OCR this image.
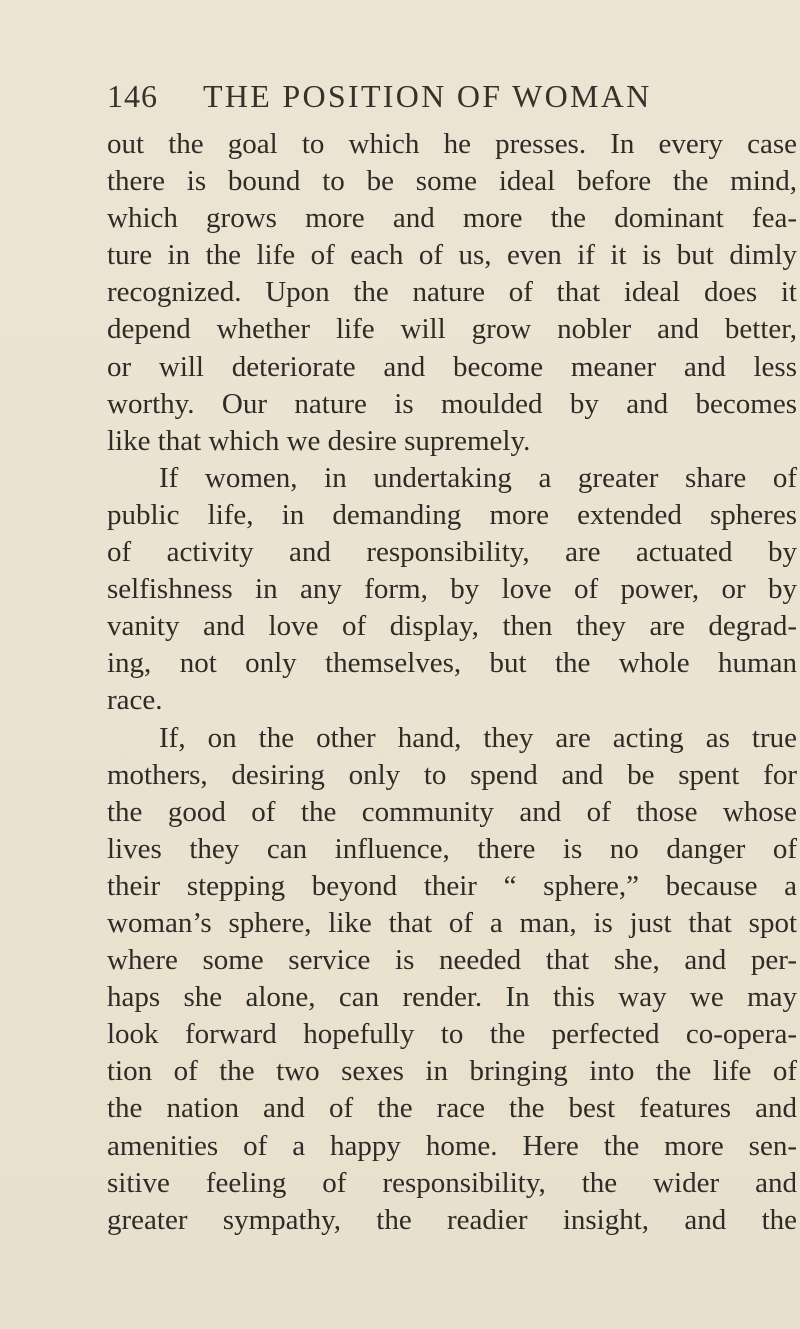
146 THE POSITION OF WOMAN
out the goal to which he presses. In every case
there is bound to be some ideal before the mind,
which grows more and more the dominant fea-
ture in the life of each of us, even if it is but dimly
recognized. Upon the nature of that ideal does it
depend whether life will grow nobler and better,
or will deteriorate and become meaner and less
worthy. Our nature is moulded by and becomes
like that which we desire supremely.
If women, in undertaking a greater share of
public life, in demanding more extended spheres
of activity and responsibility, are actuated by
selfishness in any form, by love of power, or by
vanity and love of display, then they are degrad-
ing, not only themselves, but the whole human
race.
If, on the other hand, they are acting as true
mothers, desiring only to spend and be spent for
the good of the community and of those whose
lives they can influence, there is no danger of
their stepping beyond their “ sphere,” because a
woman’s sphere, like that of a man, is just that spot
where some service is needed that she, and per-
haps she alone, can render. In this way we may
look forward hopefully to the perfected co-opera-
tion of the two sexes in bringing into the life of
the nation and of the race the best features and
amenities of a happy home. Here the more sen-
sitive feeling of responsibility, the wider and
greater sympathy, the readier insight, and the
